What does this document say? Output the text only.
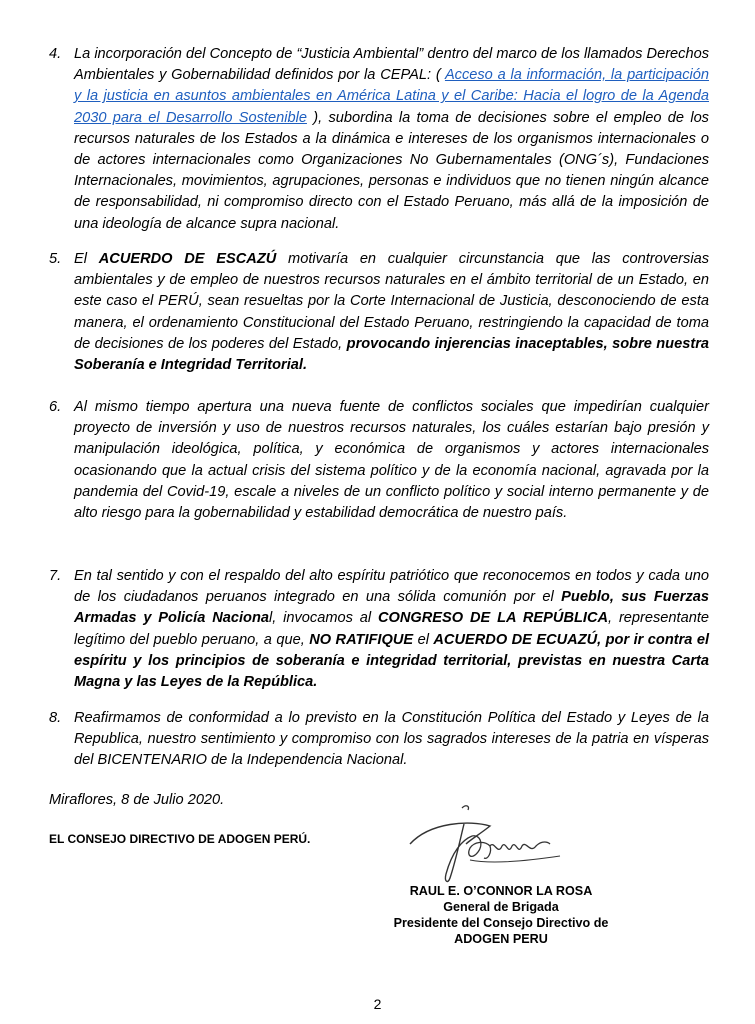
4. La incorporación del Concepto de “Justicia Ambiental” dentro del marco de los llamados Derechos Ambientales y Gobernabilidad definidos por la CEPAL: ( Acceso a la información, la participación y la justicia en asuntos ambientales en América Latina y el Caribe: Hacia el logro de la Agenda 2030 para el Desarrollo Sostenible ), subordina la toma de decisiones sobre el empleo de los recursos naturales de los Estados a la dinámica e intereses de los organismos internacionales o de actores internacionales como Organizaciones No Gubernamentales (ONG´s), Fundaciones Internacionales, movimientos, agrupaciones, personas e individuos que no tienen ningún alcance de responsabilidad, ni compromiso directo con el Estado Peruano, más allá de la imposición de una ideología de alcance supra nacional.
5. El ACUERDO DE ESCAZÚ motivaría en cualquier circunstancia que las controversias ambientales y de empleo de nuestros recursos naturales en el ámbito territorial de un Estado, en este caso el PERÚ, sean resueltas por la Corte Internacional de Justicia, desconociendo de esta manera, el ordenamiento Constitucional del Estado Peruano, restringiendo la capacidad de toma de decisiones de los poderes del Estado, provocando injerencias inaceptables, sobre nuestra Soberanía e Integridad Territorial.
6. Al mismo tiempo apertura una nueva fuente de conflictos sociales que impedirían cualquier proyecto de inversión y uso de nuestros recursos naturales, los cuáles estarían bajo presión y manipulación ideológica, política, y económica de organismos y actores internacionales ocasionando que la actual crisis del sistema político y de la economía nacional, agravada por la pandemia del Covid-19, escale a niveles de un conflicto político y social interno permanente y de alto riesgo para la gobernabilidad y estabilidad democrática de nuestro país.
7. En tal sentido y con el respaldo del alto espíritu patriótico que reconocemos en todos y cada uno de los ciudadanos peruanos integrado en una sólida comunión por el Pueblo, sus Fuerzas Armadas y Policía Nacional, invocamos al CONGRESO DE LA REPÚBLICA, representante legítimo del pueblo peruano, a que, NO RATIFIQUE el ACUERDO DE ECUAZÚ, por ir contra el espíritu y los principios de soberanía e integridad territorial, previstas en nuestra Carta Magna y las Leyes de la República.
8. Reafirmamos de conformidad a lo previsto en la Constitución Política del Estado y Leyes de la Republica, nuestro sentimiento y compromiso con los sagrados intereses de la patria en vísperas del BICENTENARIO de la Independencia Nacional.
Miraflores, 8 de Julio 2020.
EL CONSEJO DIRECTIVO DE ADOGEN PERÚ.
RAUL E. O’CONNOR LA ROSA
General de Brigada
Presidente del Consejo Directivo de
ADOGEN PERU
2
